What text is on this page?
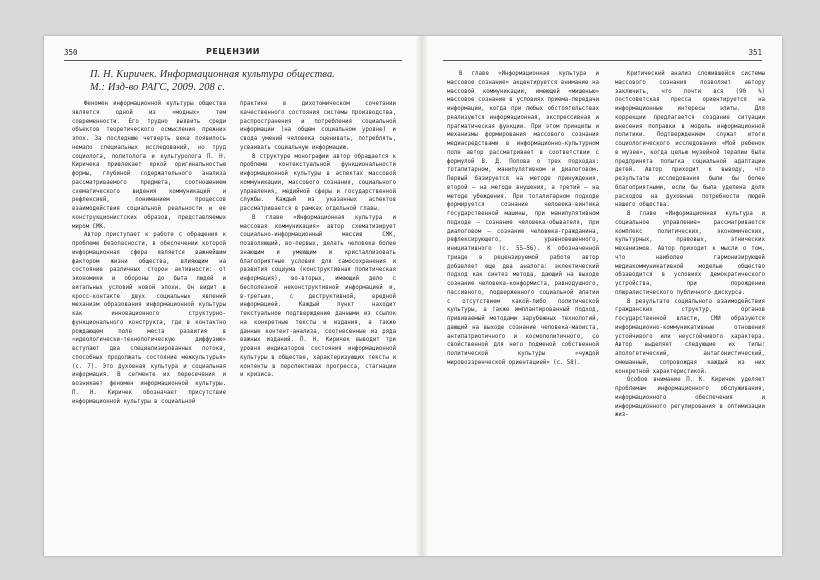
350	РЕЦЕНЗИИ
П. Н. Киричек. Информационная культура общества.
М.: Изд-во РАГС, 2009. 208 с.

Феномен информационной культуры общества является одной из «модных» тем современности. Его трудно выявить среди объектов теоретического осмысления прежних эпох. За последнюю четверть века появилось немало специальных исследований, но труд социолога, политолога и культуролога П. Н. Киричека привлекает яркой оригинальностью формы, глубиной содержательного анализа рассматриваемого предмета, соотношением схематического видения коммуникаций и рефлексией, пониманием процессов взаимодействия социальной реальности и ее конструкционистских образов, представляемых миром СМК.

Автор приступает к работе с обращения к проблеме безопасности, в обеспечении которой информационная сфера является важнейшим фактором жизни общества, влияющим на состояние различных сторон активности: от экономики и обороны до быта людей и витальных условий новой эпохи. Он видит в кросс-контакте двух социальных явлений механизм образования информационной культуры как инновационного структурно-функционального конструкта, где в контактно рождающем поле места развития в «идеологически-технологическую диффузию» вступают два специализированных потока, способных продолжать состояние межкультурья» (с. 7). Это духовная культура и социальная информация. В сегменте их пересечения и возникает феномен информационной культуры. П. Н. Киричек обозначает присутствие информационной культуры в социальной

практике в дихотомическом сочетании качественного состояния системы производства, распространения и потребления социальной информации (на общем социальном уровне) и свода умений человека оценивать, потреблять, усваивать социальную информацию.

В структуре монографии автор обращается к проблеме контекстуальной функциональности информационной культуры в аспектах массовой коммуникации, массового сознания, социального управления, медийной сферы и государственной службы. Каждый из указанных аспектов рассматривается в рамках отдельной главы.

В главе «Информационная культура и массовая коммуникация» автор схематизирует социально-информационный массив СМК, позволяющий, во-первых, делать человека более знающим и умеющим и кристаллизовать благоприятные условия для самосохранения и развития социума (конструктивная политическая информация), во-вторых, имеющий дело с бесполезной неконструктивной информацией и, в-третьих, с деструктивной, вредной информацией. Каждый пункт находит текстуальное подтверждение данными из ссылок на конкретные тексты и издания, а также данные контент-анализа, соотнесенные из ряда важных изданий. П. Н. Киричек выводит три уровня индикаторов состояния информационной культуры в обществе, характеризующих тексты и контенты в перспективах прогресса, стагнации и кризиса.

351

В главе «Информационная культура и массовое сознание» акцентируется внимание на массовой коммуникации, имеющей «мишенью» массовое сознание в условиях приема-передачи информации, когда при любых обстоятельствах реализуются информационная, экспрессивная и прагматическая функции. При этом принципы и механизмы формирования массового сознания медиасредствами в информационно-культурном поле автор рассматривает в соответствии с формулой В. Д. Попова о трех подходах: тоталитарном, манипулятивном и диалоговом. Первый базируется на методе принуждения, второй — на методе внушения, а третий — на методе убеждения. При тоталитарном подходе формируется сознание человека-винтика государственной машины, при манипулятивном подходе — сознание человека-обывателя, при диалоговом — сознание человека-гражданина, рефлексирующего, уравновешенного, инициативного (с. 55—56). К обозначенной триаде в рецензируемой работе автор добавляет еще два аналога: эклектический подход как синтез метода, дающий на выходе сознание человека-конформиста, равнодушного, пассивного, подверженного социальной апатии с отсутствием какой-либо политической культуры, а также имплантированный подход, прививаемый методами зарубежных технологий, дающий на выходе сознание человека-маоиста, антипатриотичного и космополитичного, со свойственной для него подменой собственной политической культуры «чуждой мировоззренческой ориентацией» (с. 58).

Критический анализ сложившейся системы массового сознания позволяет автору заключить, что почти вся (90 %) постсоветская пресса ориентируется на информационные интересы элиты. Для коррекции предлагается создание ситуации внесения поправки в модель информационной политики. Подтверждением служат итоги социологического исследования «Мой ребенок в музее», когда целью музейной терапии была предпринята попытка социальной адаптации детей. Автор приходит к выводу, что результаты исследования были бы более благоприятными, если бы была уделена доля расходов на духовные потребности людей нашего общества.

В главе «Информационная культура и социальное управление» рассматривается комплекс политических, экономических, культурных, правовых, этнических механизмов. Автор приходит к мысли о том, что наиболее гармонизирующей медиакоммуникативной моделью общество обзаводится в условиях демократического устройства, при порождении плюралистического публичного дискурса.

В результате социального взаимодействия гражданских структур, органов государственной власти, СМИ образуются информационно-коммуникативные отношения устойчивого или неустойчивого характера. Автор выделяет следующие их типы: апологетический, антагонистический, смешанный, сопровождая каждый из них конкретной характеристикой.

Особое внимание П. К. Киричек уделяет проблемам информационного обслуживания, информационного обеспечения и информационного регулирования в оптимизации жиз-
